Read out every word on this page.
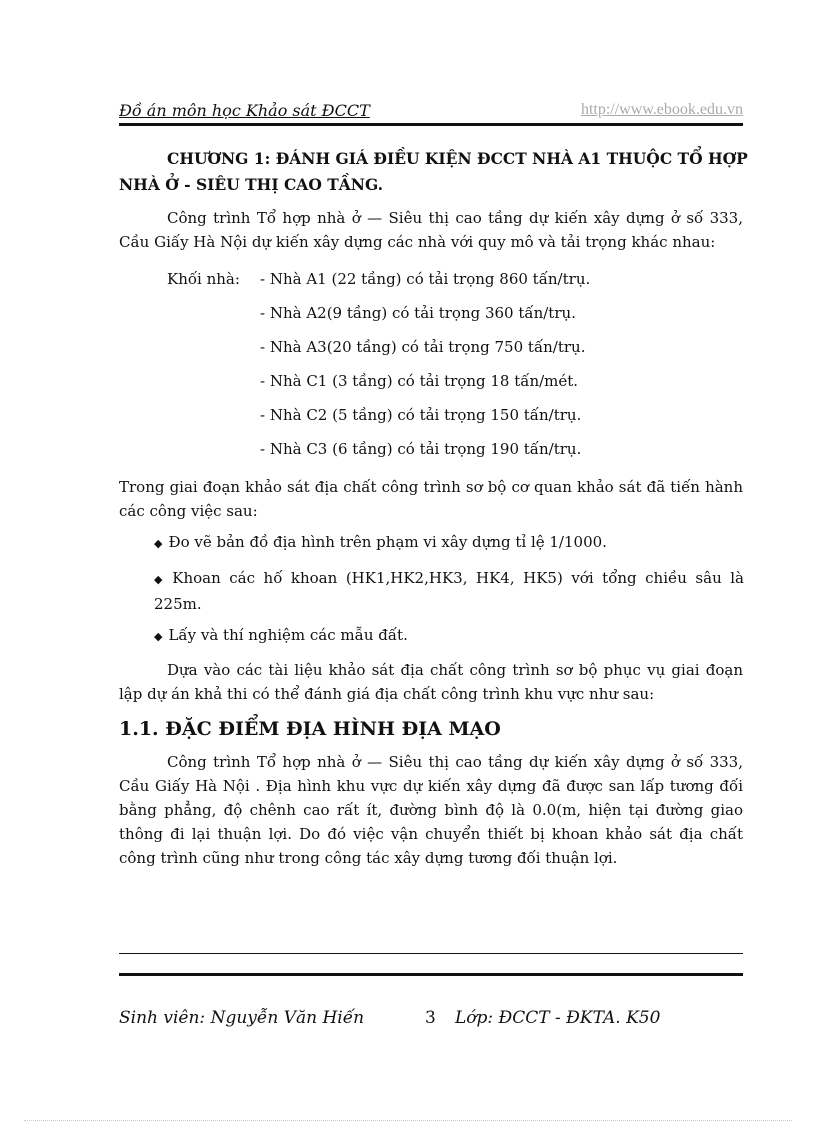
Đồ án môn học Khảo sát ĐCCT	http://www.ebook.edu.vn
CHƯƠNG 1: ĐÁNH GIÁ ĐIỀU KIỆN ĐCCT NHÀ A1 THUỘC TỔ HỢP NHÀ Ở - SIÊU THỊ CAO TẦNG.
Công trình Tổ hợp nhà ở — Siêu thị cao tầng dự kiến xây dựng ở số 333, Cầu Giấy Hà Nội dự kiến xây dựng các nhà với quy mô và tải trọng khác nhau:
Khối nhà: - Nhà A1 (22 tầng) có tải trọng 860 tấn/trụ.
- Nhà A2(9 tầng) có tải trọng 360 tấn/trụ.
- Nhà A3(20 tầng) có tải trọng 750 tấn/trụ.
- Nhà C1 (3 tầng) có tải trọng 18 tấn/mét.
- Nhà C2 (5 tầng) có tải trọng 150 tấn/trụ.
- Nhà C3 (6 tầng) có tải trọng 190 tấn/trụ.
Trong giai đoạn khảo sát địa chất công trình sơ bộ cơ quan khảo sát đã tiến hành các công việc sau:
◆ Đo vẽ bản đồ địa hình trên phạm vi xây dựng tỉ lệ 1/1000.
◆ Khoan các hố khoan (HK1,HK2,HK3, HK4, HK5) với tổng chiều sâu là 225m.
◆ Lấy và thí nghiệm các mẫu đất.
Dựa vào các tài liệu khảo sát địa chất công trình sơ bộ phục vụ giai đoạn lập dự án khả thi có thể đánh giá địa chất công trình khu vực như sau:
1.1. ĐẶC ĐIỂM ĐỊA HÌNH ĐỊA MẠO
Công trình Tổ hợp nhà ở — Siêu thị cao tầng dự kiến xây dựng ở số 333, Cầu Giấy Hà Nội . Địa hình khu vực dự kiến xây dựng đã được san lấp tương đối bằng phẳng, độ chênh cao rất ít, đường bình độ là 0.0(m, hiện tại đường giao thông đi lại thuận lợi. Do đó việc vận chuyển thiết bị khoan khảo sát địa chất công trình cũng như trong công tác xây dựng tương đối thuận lợi.
Sinh viên: Nguyễn Văn Hiến	3 Lớp: ĐCCT - ĐKTA. K50
